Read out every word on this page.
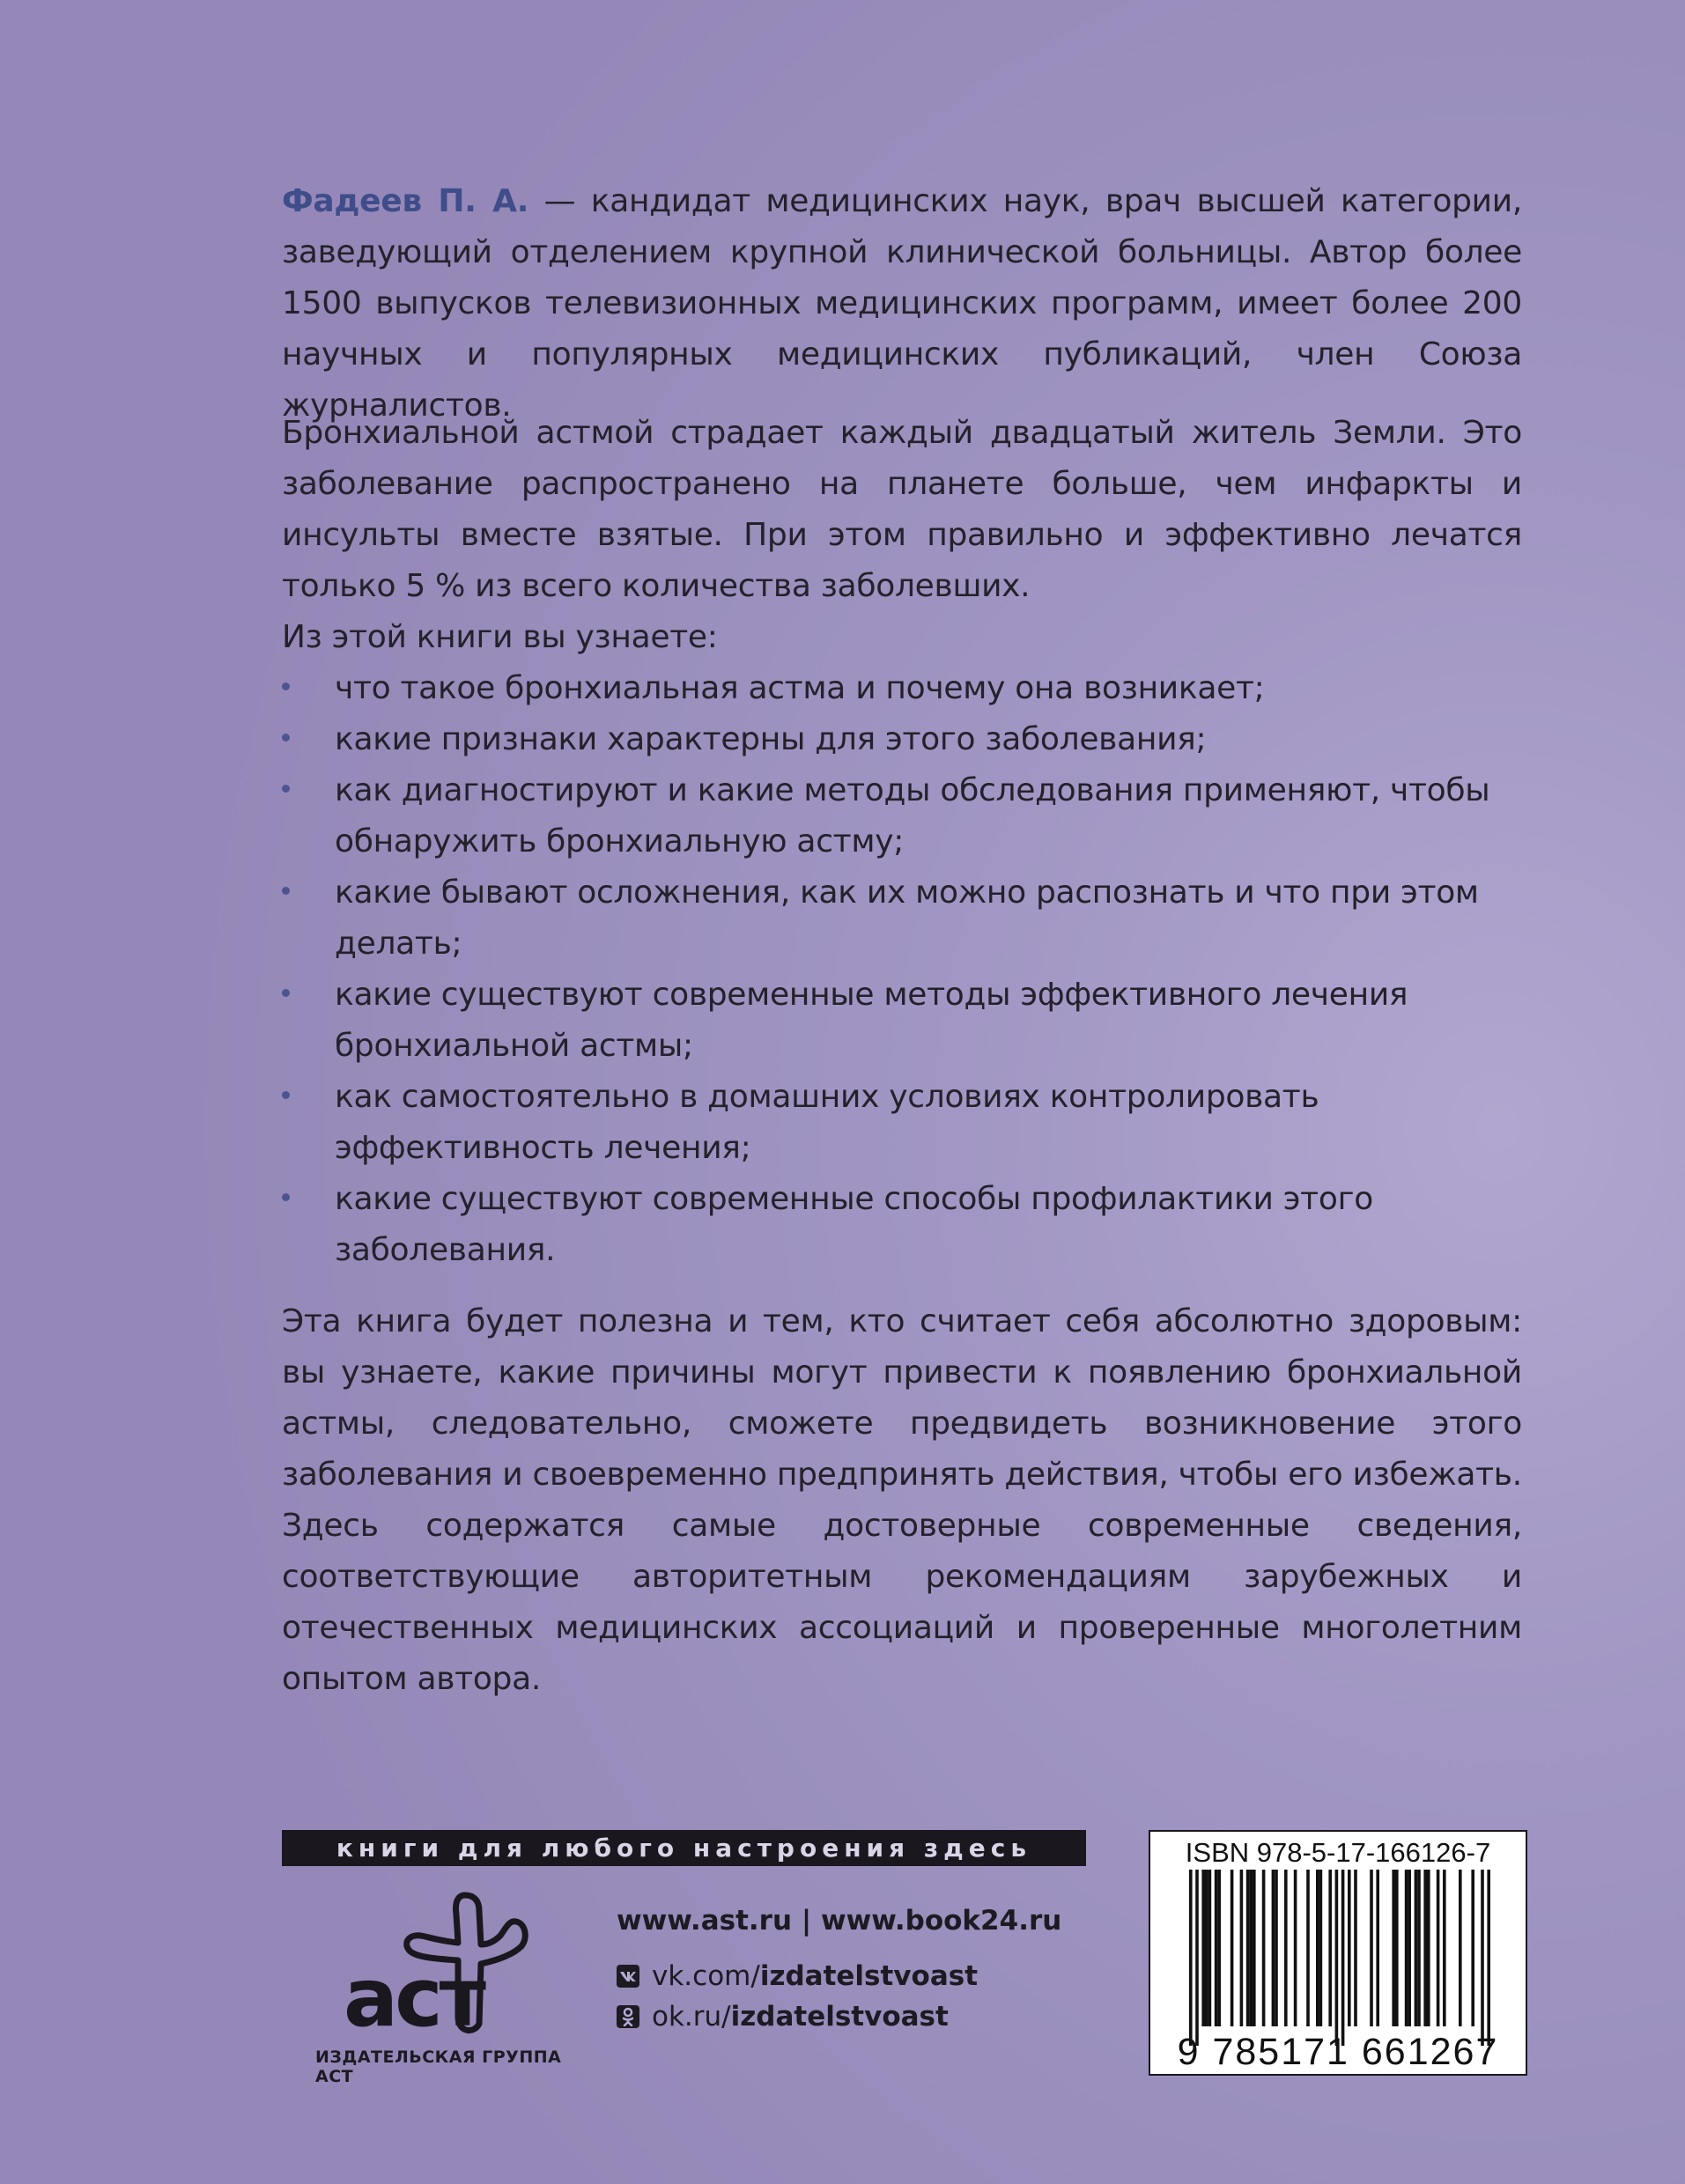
Фадеев П. А. — кандидат медицинских наук, врач высшей категории, заведующий отделением крупной клинической больницы. Автор более 1500 выпусков телевизионных медицинских программ, имеет более 200 научных и популярных медицинских публикаций, член Союза журналистов.

Бронхиальной астмой страдает каждый двадцатый житель Земли. Это заболевание распространено на планете больше, чем инфаркты и инсульты вместе взятые. При этом правильно и эффективно лечатся только 5 % из всего количества заболевших.

Из этой книги вы узнаете:

что такое бронхиальная астма и почему она возникает;
какие признаки характерны для этого заболевания;
как диагностируют и какие методы обследования применяют, чтобы обнаружить бронхиальную астму;
какие бывают осложнения, как их можно распознать и что при этом делать;
какие существуют современные методы эффективного лечения бронхиальной астмы;
как самостоятельно в домашних условиях контролировать эффективность лечения;
какие существуют современные способы профилактики этого заболевания.

Эта книга будет полезна и тем, кто считает себя абсолютно здоровым: вы узнаете, какие причины могут привести к появлению бронхиальной астмы, следовательно, сможете предвидеть возникновение этого заболевания и своевременно предпринять действия, чтобы его избежать.

Здесь содержатся самые достоверные современные сведения, соответствующие авторитетным рекомендациям зарубежных и отечественных медицинских ассоциаций и проверенные многолетним опытом автора.

книги для любого настроения здесь
аст
ИЗДАТЕЛЬСКАЯ ГРУППА АСТ
www.ast.ru | www.book24.ru
vk.com/ izdatelstvoast
ok.ru/ izdatelstvoast
ISBN 978-5-17-166126-7
9 785171 661267
